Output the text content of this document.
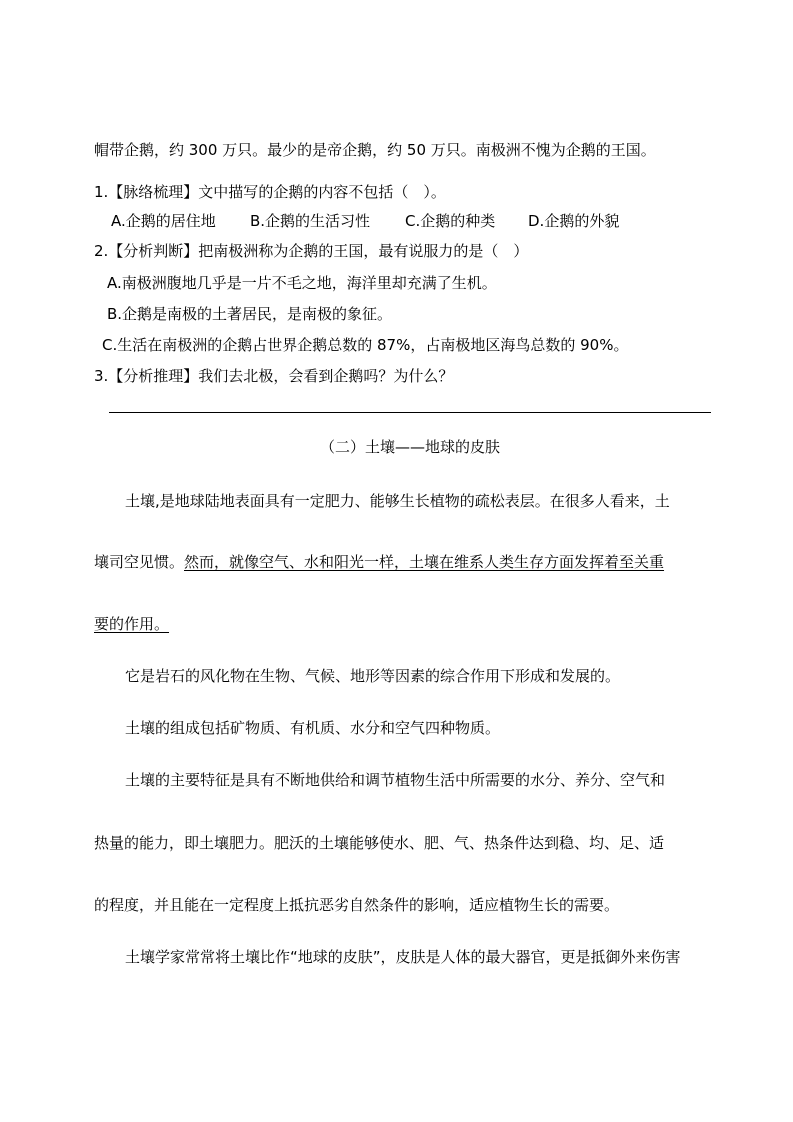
帽带企鹅，约 300 万只。最少的是帝企鹅，约 50 万只。南极洲不愧为企鹅的王国。
1.【脉络梳理】文中描写的企鹅的内容不包括（　）。
A.企鹅的居住地 B.企鹅的生活习性 C.企鹅的种类 D.企鹅的外貌
2.【分析判断】把南极洲称为企鹅的王国，最有说服力的是（　）
A.南极洲腹地几乎是一片不毛之地，海洋里却充满了生机。
B.企鹅是南极的土著居民，是南极的象征。
C.生活在南极洲的企鹅占世界企鹅总数的 87%，占南极地区海鸟总数的 90%。
3.【分析推理】我们去北极，会看到企鹅吗？为什么？
（二）土壤——地球的皮肤
土壤,是地球陆地表面具有一定肥力、能够生长植物的疏松表层。在很多人看来，土
壤司空见惯。然而，就像空气、水和阳光一样，土壤在维系人类生存方面发挥着至关重
要的作用。
它是岩石的风化物在生物、气候、地形等因素的综合作用下形成和发展的。
土壤的组成包括矿物质、有机质、水分和空气四种物质。
土壤的主要特征是具有不断地供给和调节植物生活中所需要的水分、养分、空气和
热量的能力，即土壤肥力。肥沃的土壤能够使水、肥、气、热条件达到稳、均、足、适
的程度，并且能在一定程度上抵抗恶劣自然条件的影响，适应植物生长的需要。
土壤学家常常将土壤比作“地球的皮肤”，皮肤是人体的最大器官，更是抵御外来伤害
